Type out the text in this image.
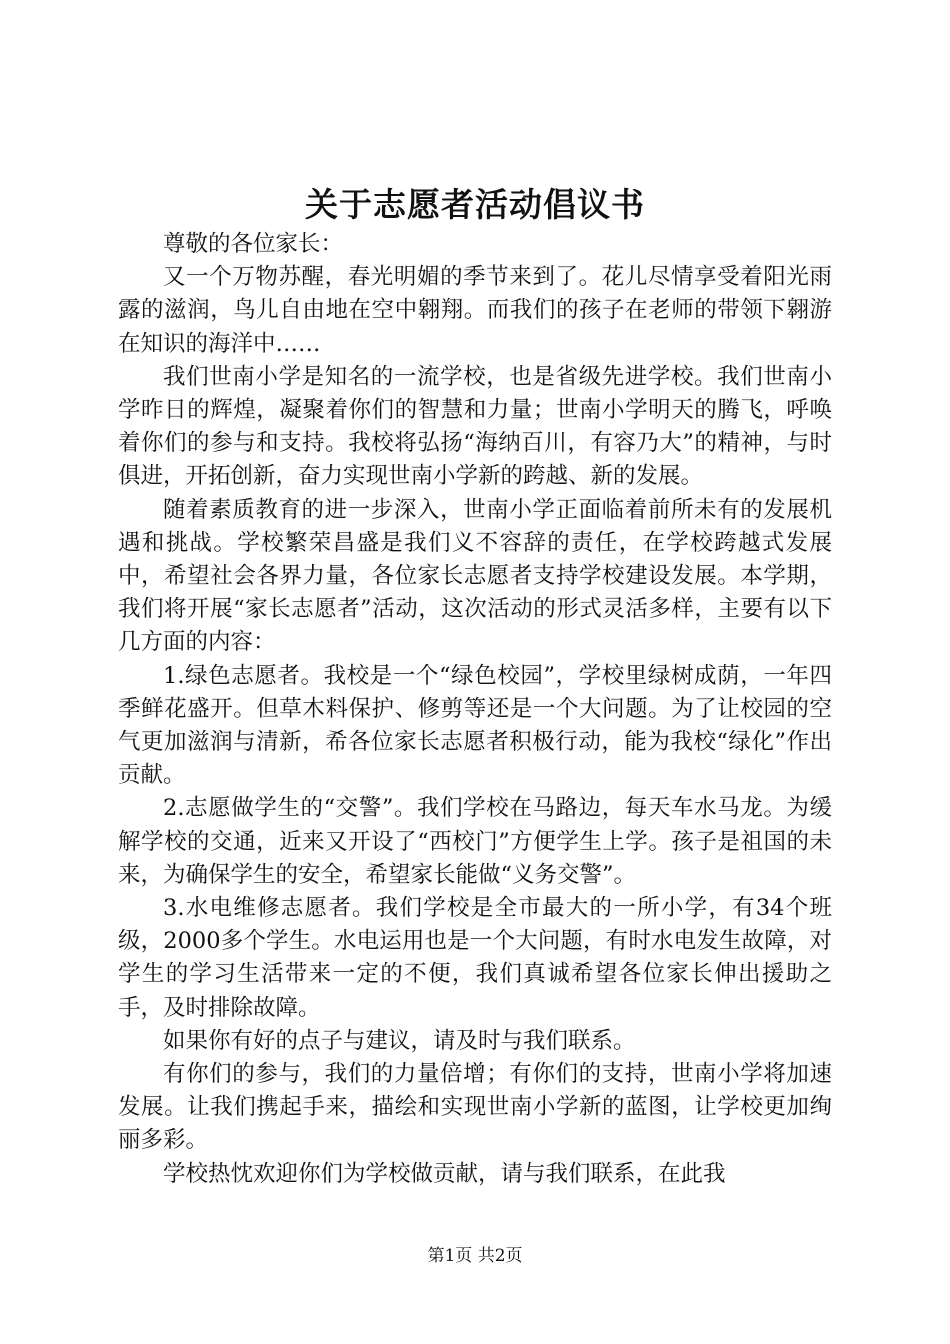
关于志愿者活动倡议书

尊敬的各位家长：

又一个万物苏醒，春光明媚的季节来到了。花儿尽情享受着阳光雨露的滋润，鸟儿自由地在空中翱翔。而我们的孩子在老师的带领下翱游在知识的海洋中……

我们世南小学是知名的一流学校，也是省级先进学校。我们世南小学昨日的辉煌，凝聚着你们的智慧和力量；世南小学明天的腾飞，呼唤着你们的参与和支持。我校将弘扬“海纳百川，有容乃大”的精神，与时俱进，开拓创新，奋力实现世南小学新的跨越、新的发展。

随着素质教育的进一步深入，世南小学正面临着前所未有的发展机遇和挑战。学校繁荣昌盛是我们义不容辞的责任，在学校跨越式发展中，希望社会各界力量，各位家长志愿者支持学校建设发展。本学期，我们将开展“家长志愿者”活动，这次活动的形式灵活多样，主要有以下几方面的内容：

1.绿色志愿者。我校是一个“绿色校园”，学校里绿树成荫，一年四季鲜花盛开。但草木料保护、修剪等还是一个大问题。为了让校园的空气更加滋润与清新，希各位家长志愿者积极行动，能为我校“绿化”作出贡献。

2.志愿做学生的“交警”。我们学校在马路边，每天车水马龙。为缓解学校的交通，近来又开设了“西校门”方便学生上学。孩子是祖国的未来，为确保学生的安全，希望家长能做“义务交警”。

3.水电维修志愿者。我们学校是全市最大的一所小学，有34个班级，2000多个学生。水电运用也是一个大问题，有时水电发生故障，对学生的学习生活带来一定的不便，我们真诚希望各位家长伸出援助之手，及时排除故障。

如果你有好的点子与建议，请及时与我们联系。

有你们的参与，我们的力量倍增；有你们的支持，世南小学将加速发展。让我们携起手来，描绘和实现世南小学新的蓝图，让学校更加绚丽多彩。

学校热忱欢迎你们为学校做贡献，请与我们联系，在此我

第1页 共2页
